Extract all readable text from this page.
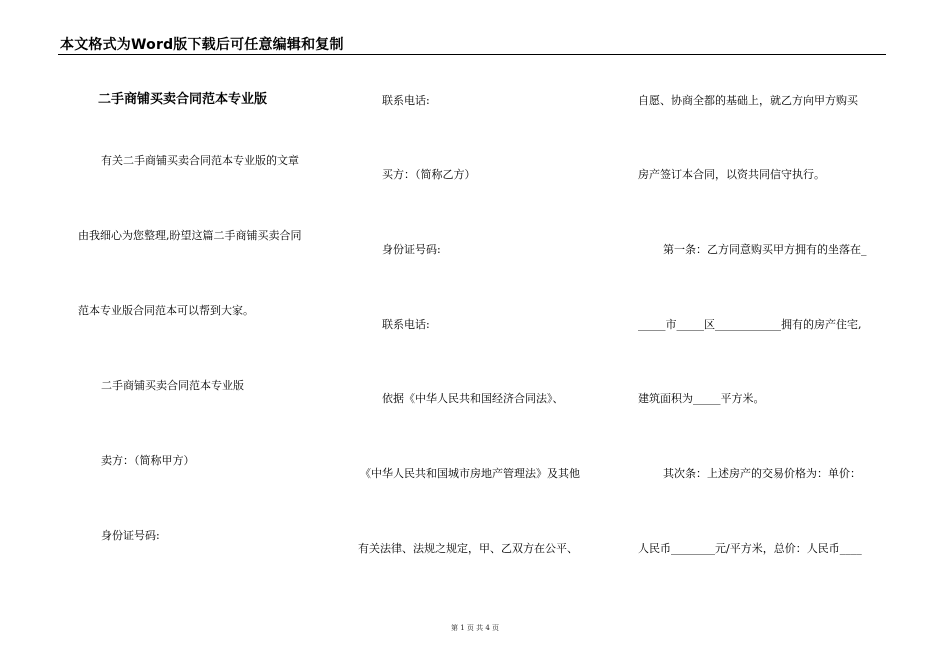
本文格式为Word版下载后可任意编辑和复制
二手商铺买卖合同范本专业版
有关二手商铺买卖合同范本专业版的文章
由我细心为您整理,盼望这篇二手商铺买卖合同
范本专业版合同范本可以帮到大家。
二手商铺买卖合同范本专业版
卖方：（简称甲方）
身份证号码:
联系电话:
买方：（简称乙方）
身份证号码:
联系电话:
依据《中华人民共和国经济合同法》、
《中华人民共和国城市房地产管理法》及其他
有关法律、法规之规定，甲、乙双方在公平、
自愿、协商全都的基础上，就乙方向甲方购买
房产签订本合同，以资共同信守执行。
第一条：乙方同意购买甲方拥有的坐落在_
_____市_____区____________拥有的房产住宅,
建筑面积为_____平方米。
其次条：上述房产的交易价格为：单价：
人民币________元/平方米，总价：人民币____
第 1 页 共 4 页
